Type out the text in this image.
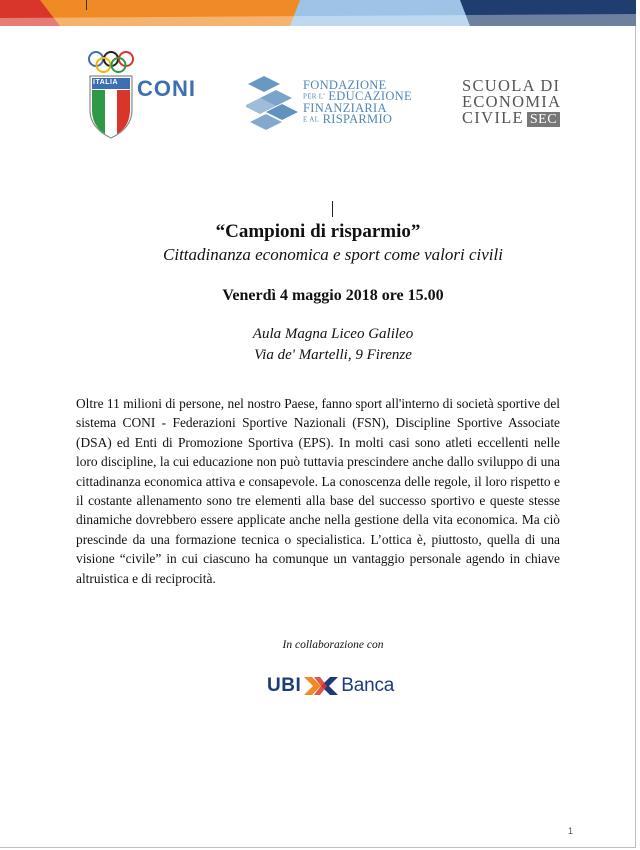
ITALIA CONI	FONDAZIONE
PER L' EDUCAZIONE
FINANZIARIA
E AL RISPARMIO
SCUOLA DI
ECONOMIA
CIVILE SEC
“Campioni di risparmio”
Cittadinanza economica e sport come valori civili
Venerdì 4 maggio 2018 ore 15.00
Aula Magna Liceo Galileo
Via de' Martelli, 9 Firenze
Oltre 11 milioni di persone, nel nostro Paese, fanno sport all'interno di società sportive del sistema CONI - Federazioni Sportive Nazionali (FSN), Discipline Sportive Associate (DSA) ed Enti di Promozione Sportiva (EPS). In molti casi sono atleti eccellenti nelle loro discipline, la cui educazione non può tuttavia prescindere anche dallo sviluppo di una cittadinanza economica attiva e consapevole. La conoscenza delle regole, il loro rispetto e il costante allenamento sono tre elementi alla base del successo sportivo e queste stesse dinamiche dovrebbero essere applicate anche nella gestione della vita economica. Ma ciò prescinde da una formazione tecnica o specialistica. L’ottica è, piuttosto, quella di una visione “civile” in cui ciascuno ha comunque un vantaggio personale agendo in chiave altruistica e di reciprocità.
In collaborazione con
UBI Banca
1
